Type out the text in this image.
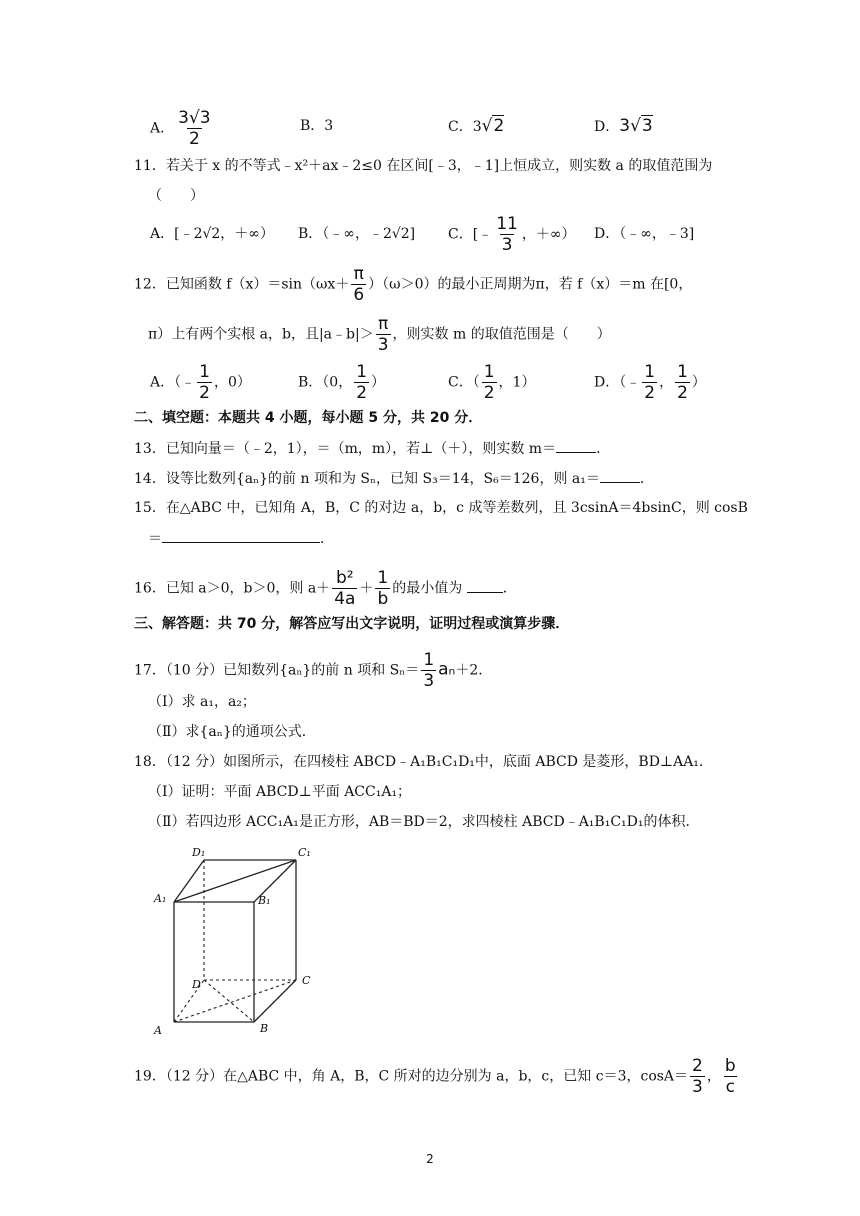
A． $\frac{3√3}{2}$	B．3	C．3√2	D．3√3
11．若关于 x 的不等式﹣x²＋ax﹣2≤0 在区间[﹣3，﹣1]上恒成立，则实数 a 的取值范围为
（　　）
A．[﹣2√2，＋∞） B．（﹣∞，﹣2√2] C．[﹣ $\frac{11}{3}$ ，＋∞） D．（﹣∞，﹣3]
12．已知函数 $f(x)=\sin(\omega x+ \frac{\pi}{6} )(\omega>0)$的最小正周期为π，若 f（x）＝m 在[0，
π）上有两个实根 a，b，且|a﹣b|＞ $\frac{\pi}{3}$ ，则实数 m 的取值范围是（　　）
A．（﹣ $\frac{1}{2}$ ，0）	B．（0， $\frac{1}{2}$ ）	C．（ $\frac{1}{2}$ ，1）	D．（﹣ $\frac{1}{2}$ ， $\frac{1}{2}$ ）
二、填空题：本题共 4 小题，每小题 5 分，共 20 分．
13．已知向量＝（﹣2，1），＝（m，m），若⊥（＋），则实数 m＝	．
14．设等比数列{aₙ}的前 n 项和为 Sₙ，已知 S₃＝14，S₆＝126，则 a₁＝	．
15．在△ABC 中，已知角 A，B，C 的对边 a，b，c 成等差数列，且 3csinA＝4bsinC，则 cosB
＝	．
16．已知 a＞0，b＞0，则 $a+ \frac{\text{b²}}{4a} + \frac{1}{b}$ 的最小值为	．
三、解答题：共 70 分，解答应写出文字说明，证明过程或演算步骤．
17．（10 分）已知数列{aₙ}的前 n 项和 $S_n= \frac{1}{3} a_n+2$．
（Ⅰ）求 a₁，a₂；
（Ⅱ）求{aₙ}的通项公式．
18．（12 分）如图所示，在四棱柱 ABCD﹣A₁B₁C₁D₁中，底面 ABCD 是菱形，BD⊥AA₁．
（Ⅰ）证明：平面 ABCD⊥平面 ACC₁A₁；
（Ⅱ）若四边形 ACC₁A₁是正方形，AB＝BD＝2，求四棱柱 ABCD﹣A₁B₁C₁D₁的体积．
D₁	C₁
A₁	B₁
D	C
A	B
19．（12 分）在△ABC 中，角 A，B，C 所对的边分别为 a，b，c，已知 c＝3，$\cos A= \frac{2}{3}$ ， $\frac{b}{c}$
2
